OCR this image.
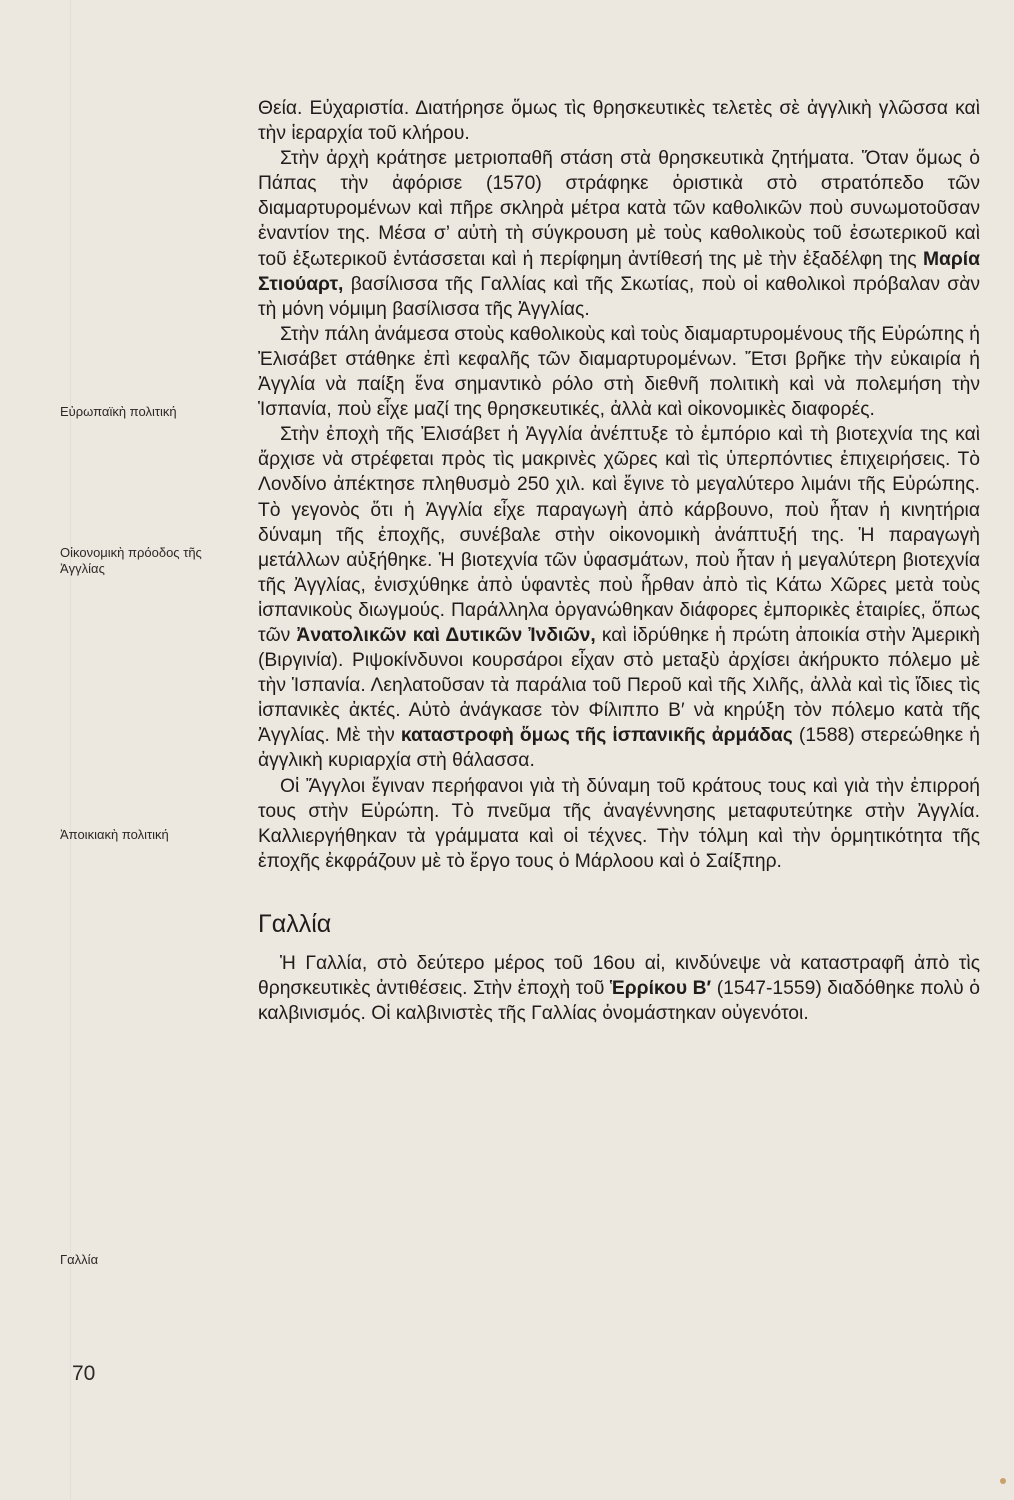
Εὐρωπαϊκὴ πολιτική
Οἰκονομικὴ πρόοδος τῆς Ἀγγλίας
Ἀποικιακὴ πολιτική
Γαλλία
70

Θεία. Εὐχαριστία. Διατήρησε ὅμως τὶς θρησκευτικὲς τελετὲς σὲ ἀγγλικὴ γλῶσσα καὶ τὴν ἱεραρχία τοῦ κλήρου.

Στὴν ἀρχὴ κράτησε μετριοπαθῆ στάση στὰ θρησκευτικὰ ζητήματα. Ὅταν ὅμως ὁ Πάπας τὴν ἀφόρισε (1570) στράφηκε ὁριστικὰ στὸ στρατόπεδο τῶν διαμαρτυρομένων καὶ πῆρε σκληρὰ μέτρα κατὰ τῶν καθολικῶν ποὺ συνωμοτοῦσαν ἐναντίον της. Μέσα σ’ αὐτὴ τὴ σύγκρουση μὲ τοὺς καθολικοὺς τοῦ ἐσωτερικοῦ καὶ τοῦ ἐξωτερικοῦ ἐντάσσεται καὶ ἡ περίφημη ἀντίθεσή της μὲ τὴν ἐξαδέλφη της Μαρία Στιούαρτ, βασίλισσα τῆς Γαλλίας καὶ τῆς Σκωτίας, ποὺ οἱ καθολικοὶ πρόβαλαν σὰν τὴ μόνη νόμιμη βασίλισσα τῆς Ἀγγλίας.

Στὴν πάλη ἀνάμεσα στοὺς καθολικοὺς καὶ τοὺς διαμαρτυρομένους τῆς Εὐρώπης ἡ Ἐλισάβετ στάθηκε ἐπὶ κεφαλῆς τῶν διαμαρτυρομένων. Ἔτσι βρῆκε τὴν εὐκαιρία ἡ Ἀγγλία νὰ παίξη ἕνα σημαντικὸ ρόλο στὴ διεθνῆ πολιτικὴ καὶ νὰ πολεμήση τὴν Ἱσπανία, ποὺ εἶχε μαζί της θρησκευτικές, ἀλλὰ καὶ οἰκονομικὲς διαφορές.

Στὴν ἐποχὴ τῆς Ἐλισάβετ ἡ Ἀγγλία ἀνέπτυξε τὸ ἐμπόριο καὶ τὴ βιοτεχνία της καὶ ἄρχισε νὰ στρέφεται πρὸς τὶς μακρινὲς χῶρες καὶ τὶς ὑπερπόντιες ἐπιχειρήσεις. Τὸ Λονδίνο ἀπέκτησε πληθυσμὸ 250 χιλ. καὶ ἔγινε τὸ μεγαλύτερο λιμάνι τῆς Εὐρώπης. Τὸ γεγονὸς ὅτι ἡ Ἀγγλία εἶχε παραγωγὴ ἀπὸ κάρβουνο, ποὺ ἦταν ἡ κινητήρια δύναμη τῆς ἐποχῆς, συνέβαλε στὴν οἰκονομικὴ ἀνάπτυξή της. Ἡ παραγωγὴ μετάλλων αὐξήθηκε. Ἡ βιοτεχνία τῶν ὑφασμάτων, ποὺ ἦταν ἡ μεγαλύτερη βιοτεχνία τῆς Ἀγγλίας, ἐνισχύθηκε ἀπὸ ὑφαντὲς ποὺ ἦρθαν ἀπὸ τὶς Κάτω Χῶρες μετὰ τοὺς ἱσπανικοὺς διωγμούς. Παράλληλα ὀργανώθηκαν διάφορες ἐμπορικὲς ἑταιρίες, ὅπως τῶν Ἀνατολικῶν καὶ Δυτικῶν Ἰνδιῶν, καὶ ἱδρύθηκε ἡ πρώτη ἀποικία στὴν Ἀμερικὴ (Βιργινία). Ριψοκίνδυνοι κουρσάροι εἶχαν στὸ μεταξὺ ἀρχίσει ἀκήρυκτο πόλεμο μὲ τὴν Ἱσπανία. Λεηλατοῦσαν τὰ παράλια τοῦ Περοῦ καὶ τῆς Χιλῆς, ἀλλὰ καὶ τὶς ἴδιες τὶς ἱσπανικὲς ἀκτές. Αὐτὸ ἀνάγκασε τὸν Φίλιππο Β′ νὰ κηρύξη τὸν πόλεμο κατὰ τῆς Ἀγγλίας. Μὲ τὴν καταστροφὴ ὅμως τῆς ἱσπανικῆς ἀρμάδας (1588) στερεώθηκε ἡ ἀγγλικὴ κυριαρχία στὴ θάλασσα.

Οἱ Ἄγγλοι ἔγιναν περήφανοι γιὰ τὴ δύναμη τοῦ κράτους τους καὶ γιὰ τὴν ἐπιρροή τους στὴν Εὐρώπη. Τὸ πνεῦμα τῆς ἀναγέννησης μεταφυτεύτηκε στὴν Ἀγγλία. Καλλιεργήθηκαν τὰ γράμματα καὶ οἱ τέχνες. Τὴν τόλμη καὶ τὴν ὁρμητικότητα τῆς ἐποχῆς ἐκφράζουν μὲ τὸ ἔργο τους ὁ Μάρλοου καὶ ὁ Σαίξπηρ.

Γαλλία

Ἡ Γαλλία, στὸ δεύτερο μέρος τοῦ 16ου αἰ, κινδύνεψε νὰ καταστραφῆ ἀπὸ τὶς θρησκευτικὲς ἀντιθέσεις. Στὴν ἐποχὴ τοῦ Ἑρρίκου Β′ (1547-1559) διαδόθηκε πολὺ ὁ καλβινισμός. Οἱ καλβινιστὲς τῆς Γαλλίας ὀνομάστηκαν οὐγενότοι.
